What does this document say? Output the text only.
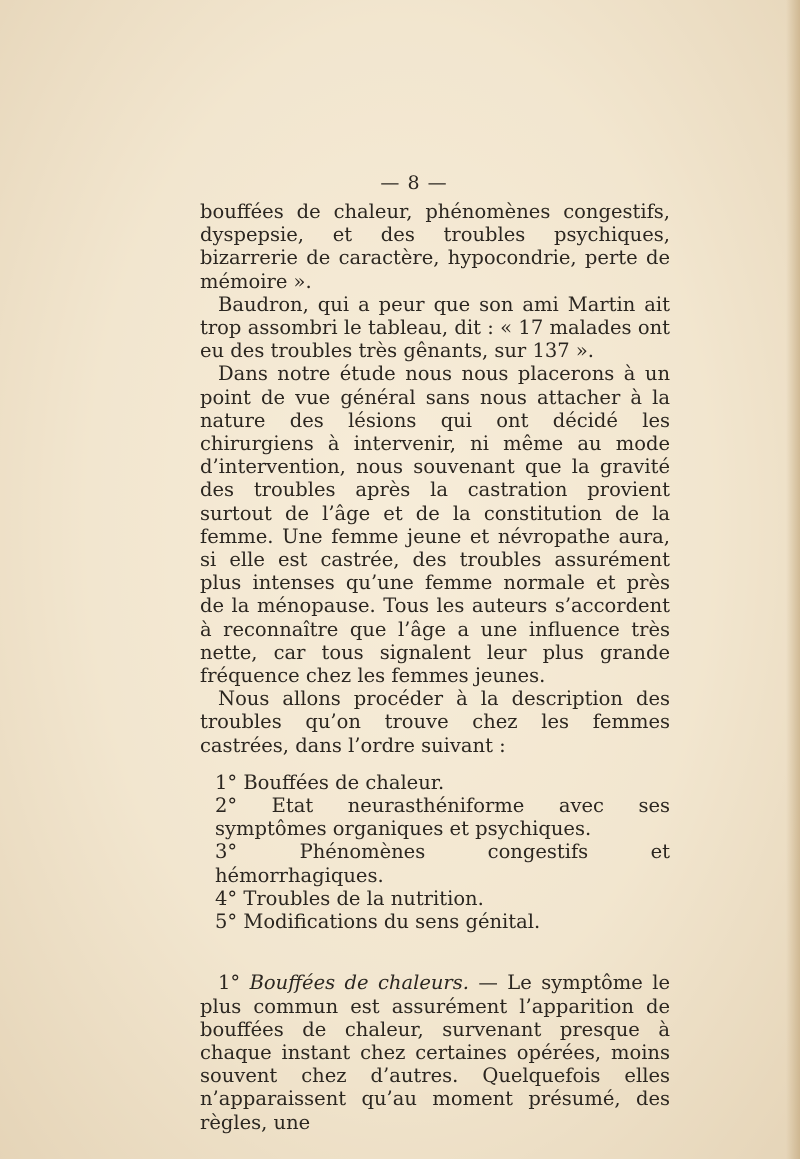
— 8 —

bouffées de chaleur, phénomènes congestifs, dyspepsie, et des troubles psychiques, bizarrerie de caractère, hypocondrie, perte de mémoire ».

Baudron, qui a peur que son ami Martin ait trop assombri le tableau, dit : « 17 malades ont eu des troubles très gênants, sur 137 ».

Dans notre étude nous nous placerons à un point de vue général sans nous attacher à la nature des lésions qui ont décidé les chirurgiens à intervenir, ni même au mode d’intervention, nous souvenant que la gravité des troubles après la castration provient surtout de l’âge et de la constitution de la femme. Une femme jeune et névropathe aura, si elle est castrée, des troubles assurément plus intenses qu’une femme normale et près de la ménopause. Tous les auteurs s’accordent à reconnaître que l’âge a une influence très nette, car tous signalent leur plus grande fréquence chez les femmes jeunes.

Nous allons procéder à la description des troubles qu’on trouve chez les femmes castrées, dans l’ordre suivant :

1° Bouffées de chaleur.

2° Etat neurasthéniforme avec ses symptômes organiques et psychiques.

3° Phénomènes congestifs et hémorrhagiques.

4° Troubles de la nutrition.

5° Modifications du sens génital.

1° Bouffées de chaleurs. — Le symptôme le plus commun est assurément l’apparition de bouffées de chaleur, survenant presque à chaque instant chez certaines opérées, moins souvent chez d’autres. Quelquefois elles n’apparaissent qu’au moment présumé, des règles, une
